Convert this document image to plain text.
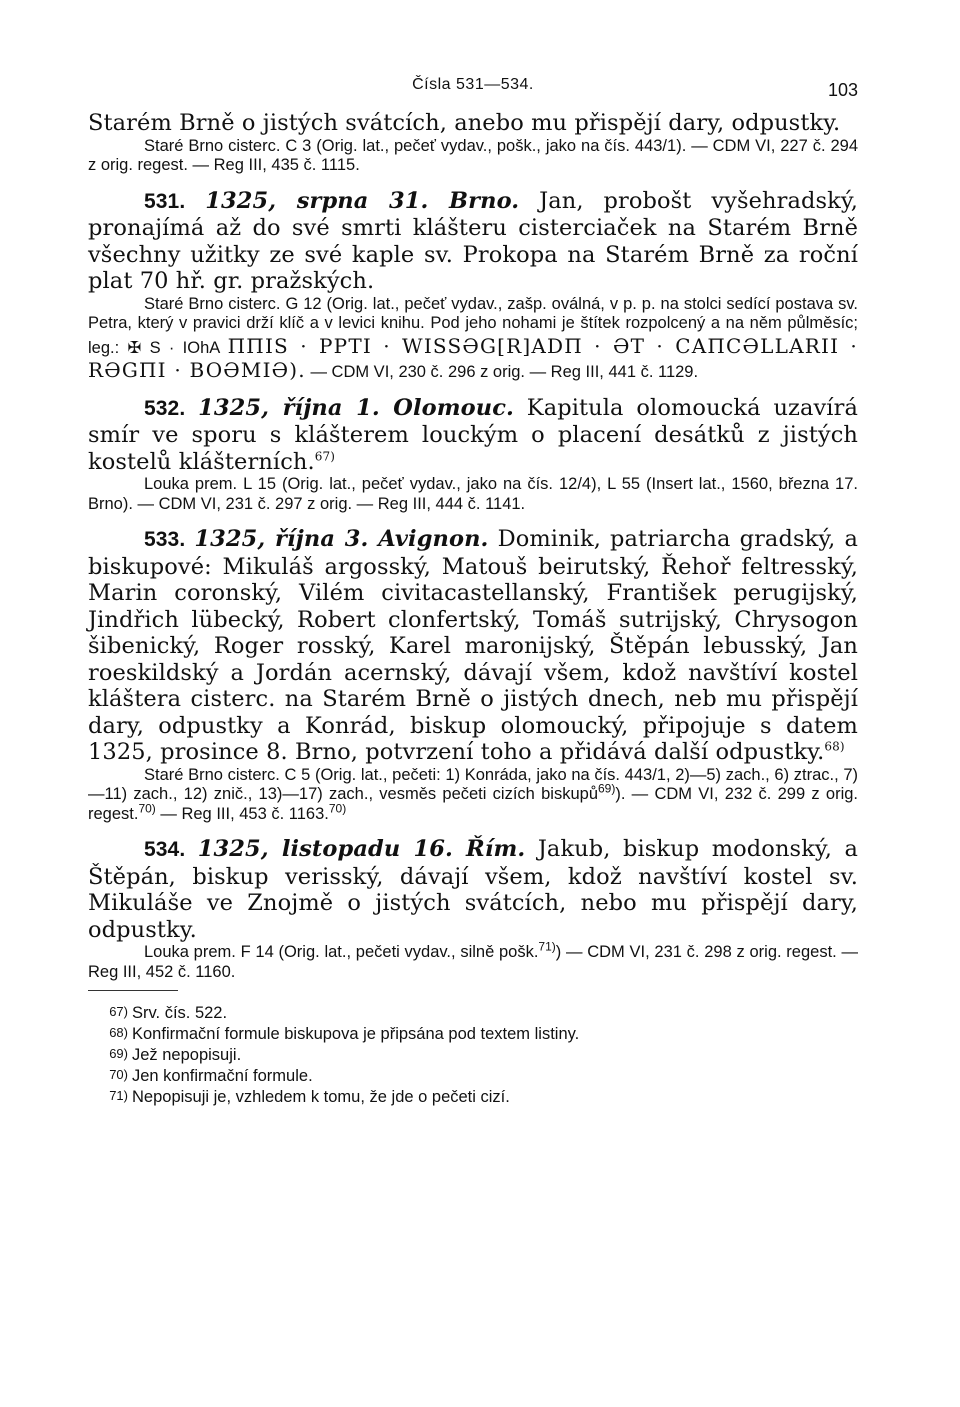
Čísla 531—534.	103

Starém Brně o jistých svátcích, anebo mu přispějí dary, odpustky.

Staré Brno cisterc. C 3 (Orig. lat., pečeť vydav., pošk., jako na čís. 443/1). — CDM VI, 227 č. 294 z orig. regest. — Reg III, 435 č. 1115.

531. 1325, srpna 31. Brno. Jan, probošt vyšehradský, pronajímá až do své smrti klášteru cisterciaček na Starém Brně všechny užitky ze své kaple sv. Prokopa na Starém Brně za roční plat 70 hř. gr. pražských.

Staré Brno cisterc. G 12 (Orig. lat., pečeť vydav., zašp. oválná, v p. p. na stolci sedící postava sv. Petra, který v pravici drží klíč a v levici knihu. Pod jeho nohami je štítek rozpolcený a na něm půlměsíc; leg.: ✠ S · IOhA ΠΠIS · PPTI · WISSƏG[R]ADΠ · ƏT · CAΠCƏLLARII · RƏGΠI · BOƏMIƏ). — CDM VI, 230 č. 296 z orig. — Reg III, 441 č. 1129.

532. 1325, října 1. Olomouc. Kapitula olomoucká uzavírá smír ve sporu s klášterem louckým o placení desátků z jistých kostelů klášterních.$^{67)}$

Louka prem. L 15 (Orig. lat., pečeť vydav., jako na čís. 12/4), L 55 (Insert lat., 1560, března 17. Brno). — CDM VI, 231 č. 297 z orig. — Reg III, 444 č. 1141.

533. 1325, října 3. Avignon. Dominik, patriarcha gradský, a biskupové: Mikuláš argosský, Matouš beirutský, Řehoř feltresský, Marin coronský, Vilém civitacastellanský, František perugijský, Jindřich lübecký, Robert clonfertský, Tomáš sutrijský, Chrysogon šibenický, Roger rosský, Karel maronijský, Štěpán lebusský, Jan roeskildský a Jordán acernský, dávají všem, kdož navštíví kostel kláštera cisterc. na Starém Brně o jistých dnech, neb mu přispějí dary, odpustky a Konrád, biskup olomoucký, připojuje s datem 1325, prosince 8. Brno, potvrzení toho a přidává další odpustky.$^{68)}$

Staré Brno cisterc. C 5 (Orig. lat., pečeti: 1) Konráda, jako na čís. 443/1, 2)—5) zach., 6) ztrac., 7)—11) zach., 12) znič., 13)—17) zach., vesměs pečeti cizích biskupů$^{69)}$). — CDM VI, 232 č. 299 z orig. regest.$^{70)}$ — Reg III, 453 č. 1163.$^{70)}$

534. 1325, listopadu 16. Řím. Jakub, biskup modonský, a Štěpán, biskup verisský, dávají všem, kdož navštíví kostel sv. Mikuláše ve Znojmě o jistých svátcích, nebo mu přispějí dary, odpustky.

Louka prem. F 14 (Orig. lat., pečeti vydav., silně pošk.$^{71)}$) — CDM VI, 231 č. 298 z orig. regest. — Reg III, 452 č. 1160.

67) Srv. čís. 522.

68) Konfirmační formule biskupova je připsána pod textem listiny.

69) Jež nepopisuji.

70) Jen konfirmační formule.

71) Nepopisuji je, vzhledem k tomu, že jde o pečeti cizí.
